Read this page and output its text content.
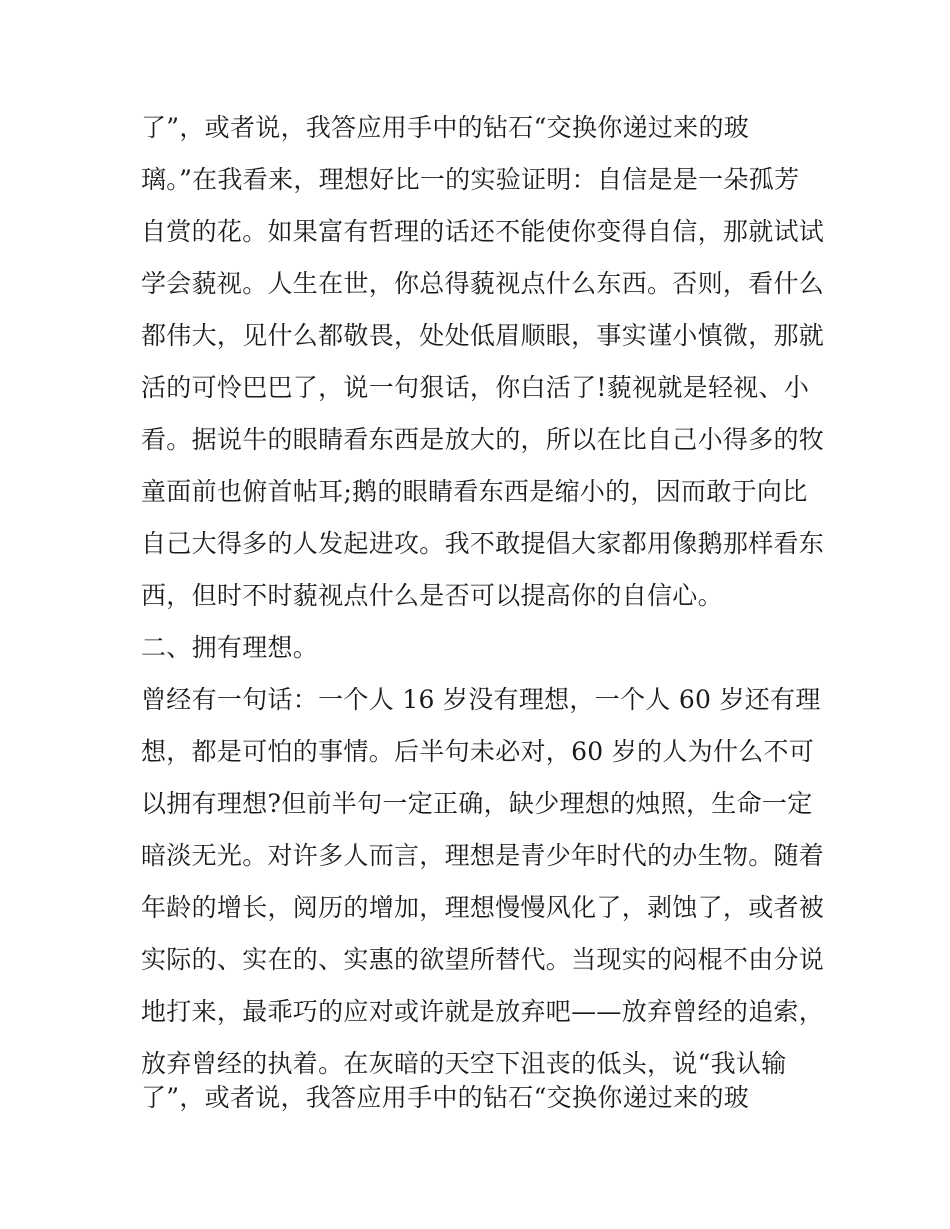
了”，或者说，我答应用手中的钻石“交换你递过来的玻
璃。”在我看来，理想好比一的实验证明：自信是是一朵孤芳
自赏的花。如果富有哲理的话还不能使你变得自信，那就试试
学会藐视。人生在世，你总得藐视点什么东西。否则，看什么
都伟大，见什么都敬畏，处处低眉顺眼，事实谨小慎微，那就
活的可怜巴巴了，说一句狠话，你白活了!藐视就是轻视、小
看。据说牛的眼睛看东西是放大的，所以在比自己小得多的牧
童面前也俯首帖耳;鹅的眼睛看东西是缩小的，因而敢于向比
自己大得多的人发起进攻。我不敢提倡大家都用像鹅那样看东
西，但时不时藐视点什么是否可以提高你的自信心。
二、拥有理想。
曾经有一句话：一个人 16 岁没有理想，一个人 60 岁还有理
想，都是可怕的事情。后半句未必对，60 岁的人为什么不可
以拥有理想?但前半句一定正确，缺少理想的烛照，生命一定
暗淡无光。对许多人而言，理想是青少年时代的办生物。随着
年龄的增长，阅历的增加，理想慢慢风化了，剥蚀了，或者被
实际的、实在的、实惠的欲望所替代。当现实的闷棍不由分说
地打来，最乖巧的应对或许就是放弃吧——放弃曾经的追索，
放弃曾经的执着。在灰暗的天空下沮丧的低头，说“我认输
了”，或者说，我答应用手中的钻石“交换你递过来的玻
